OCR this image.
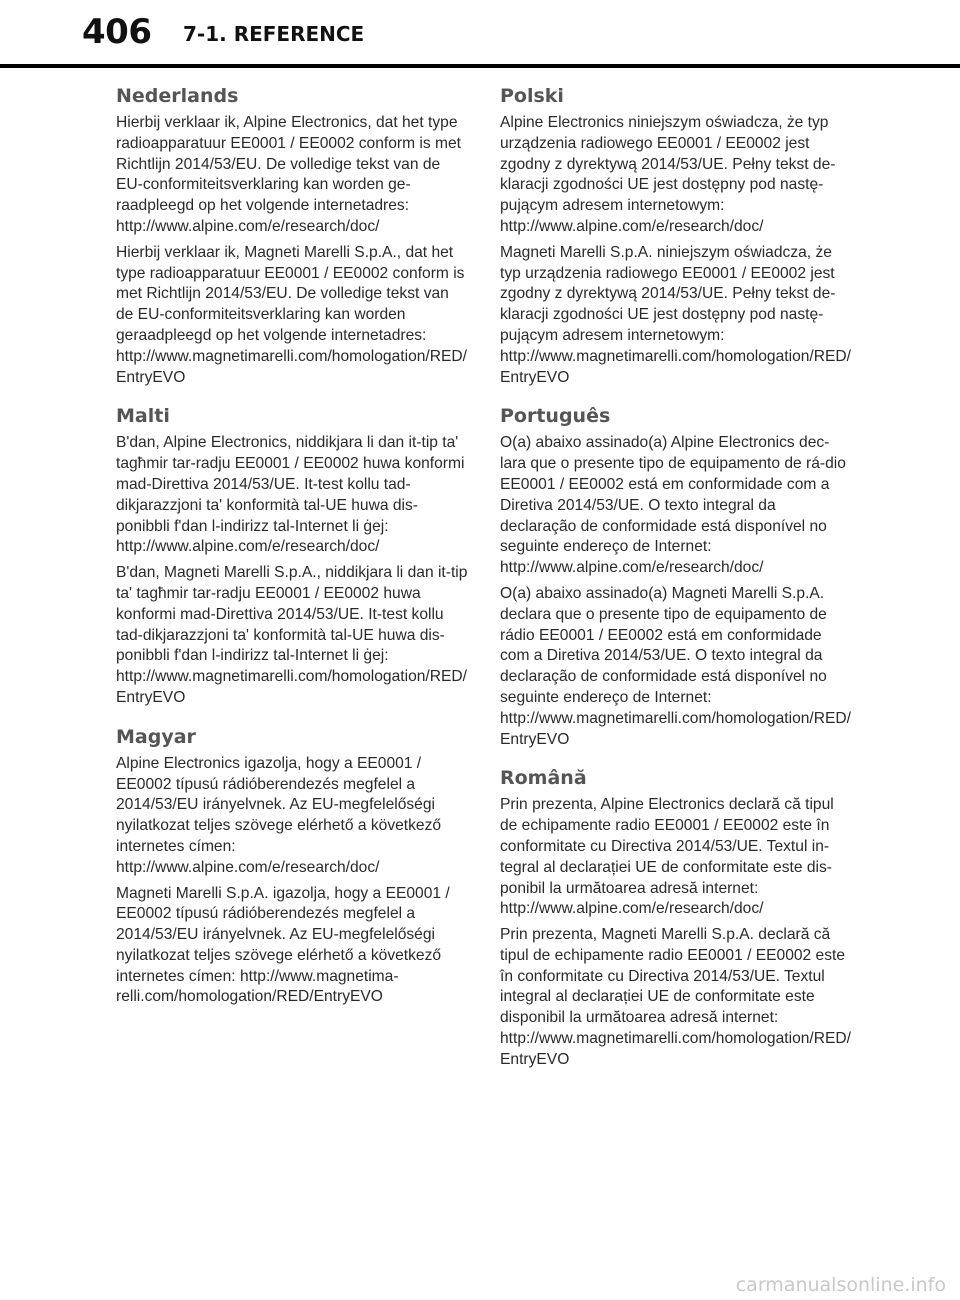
406 7-1. REFERENCE
Nederlands
Hierbij verklaar ik, Alpine Electronics, dat het type radioapparatuur EE0001 / EE0002 conform is met Richtlijn 2014/53/EU. De volledige tekst van de EU-conformiteitsverklaring kan worden ge-raadpleegd op het volgende internetadres: http://www.alpine.com/e/research/doc/
Hierbij verklaar ik, Magneti Marelli S.p.A., dat het type radioapparatuur EE0001 / EE0002 conform is met Richtlijn 2014/53/EU. De volledige tekst van de EU-conformiteitsverklaring kan worden geraadpleegd op het volgende internetadres: http://www.magnetimarelli.com/homologation/RED/EntryEVO
Malti
B'dan, Alpine Electronics, niddikjara li dan it-tip ta' tagħmir tar-radju EE0001 / EE0002 huwa konformi mad-Direttiva 2014/53/UE. It-test kollu tad-dikjarazzjoni ta' konformità tal-UE huwa dis-ponibbli f'dan l-indirizz tal-Internet li ġej: http://www.alpine.com/e/research/doc/
B'dan, Magneti Marelli S.p.A., niddikjara li dan it-tip ta' tagħmir tar-radju EE0001 / EE0002 huwa konformi mad-Direttiva 2014/53/UE. It-test kollu tad-dikjarazzjoni ta' konformità tal-UE huwa dis-ponibbli f'dan l-indirizz tal-Internet li ġej: http://www.magnetimarelli.com/homologation/RED/EntryEVO
Magyar
Alpine Electronics igazolja, hogy a EE0001 / EE0002 típusú rádióberendezés megfelel a 2014/53/EU irányelvnek. Az EU-megfelelőségi nyilatkozat teljes szövege elérhető a következő internetes címen: http://www.alpine.com/e/research/doc/
Magneti Marelli S.p.A. igazolja, hogy a EE0001 / EE0002 típusú rádióberendezés megfelel a 2014/53/EU irányelvnek. Az EU-megfelelőségi nyilatkozat teljes szövege elérhető a következő internetes címen: http://www.magnetima-relli.com/homologation/RED/EntryEVO
Polski
Alpine Electronics niniejszym oświadcza, że typ urządzenia radiowego EE0001 / EE0002 jest zgodny z dyrektywą 2014/53/UE. Pełny tekst de-klaracji zgodności UE jest dostępny pod nastę-pującym adresem internetowym: http://www.alpine.com/e/research/doc/
Magneti Marelli S.p.A. niniejszym oświadcza, że typ urządzenia radiowego EE0001 / EE0002 jest zgodny z dyrektywą 2014/53/UE. Pełny tekst de-klaracji zgodności UE jest dostępny pod nastę-pującym adresem internetowym: http://www.magnetimarelli.com/homologation/RED/EntryEVO
Português
O(a) abaixo assinado(a) Alpine Electronics dec-lara que o presente tipo de equipamento de rá-dio EE0001 / EE0002 está em conformidade com a Diretiva 2014/53/UE. O texto integral da declaração de conformidade está disponível no seguinte endereço de Internet: http://www.alpine.com/e/research/doc/
O(a) abaixo assinado(a) Magneti Marelli S.p.A. declara que o presente tipo de equipamento de rádio EE0001 / EE0002 está em conformidade com a Diretiva 2014/53/UE. O texto integral da declaração de conformidade está disponível no seguinte endereço de Internet: http://www.magnetimarelli.com/homologation/RED/EntryEVO
Română
Prin prezenta, Alpine Electronics declară că tipul de echipamente radio EE0001 / EE0002 este în conformitate cu Directiva 2014/53/UE. Textul in-tegral al declarației UE de conformitate este dis-ponibil la următoarea adresă internet: http://www.alpine.com/e/research/doc/
Prin prezenta, Magneti Marelli S.p.A. declară că tipul de echipamente radio EE0001 / EE0002 este în conformitate cu Directiva 2014/53/UE. Textul integral al declarației UE de conformitate este disponibil la următoarea adresă internet: http://www.magnetimarelli.com/homologation/RED/EntryEVO
carmanualsonline.info
